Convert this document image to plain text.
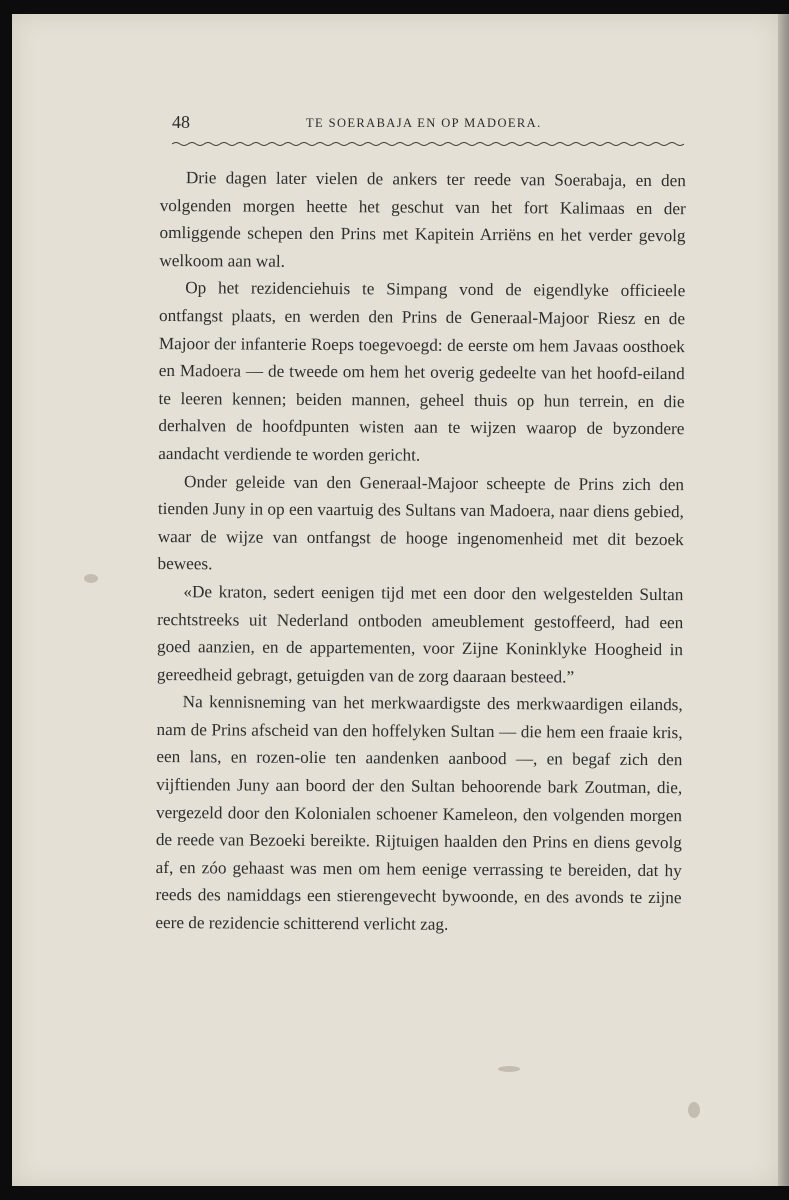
48	TE SOERABAJA EN OP MADOERA.

Drie dagen later vielen de ankers ter reede van Soerabaja, en den volgenden morgen heette het geschut van het fort Kalimaas en der omliggende schepen den Prins met Kapitein Arriëns en het verder gevolg welkoom aan wal.

Op het rezidenciehuis te Simpang vond de eigendlyke officieele ontfangst plaats, en werden den Prins de Generaal-Majoor Riesz en de Majoor der infanterie Roeps toegevoegd: de eerste om hem Javaas oosthoek en Madoera — de tweede om hem het overig gedeelte van het hoofd-eiland te leeren kennen; beiden mannen, geheel thuis op hun terrein, en die derhalven de hoofdpunten wisten aan te wijzen waarop de byzondere aandacht verdiende te worden gericht.

Onder geleide van den Generaal-Majoor scheepte de Prins zich den tienden Juny in op een vaartuig des Sultans van Madoera, naar diens gebied, waar de wijze van ontfangst de hooge ingenomenheid met dit bezoek bewees.

«De kraton, sedert eenigen tijd met een door den welgestelden Sultan rechtstreeks uit Nederland ontboden ameublement gestoffeerd, had een goed aanzien, en de appartementen, voor Zijne Koninklyke Hoogheid in gereedheid gebragt, getuigden van de zorg daaraan besteed.”

Na kennisneming van het merkwaardigste des merkwaardigen eilands, nam de Prins afscheid van den hoffelyken Sultan — die hem een fraaie kris, een lans, en rozen-olie ten aandenken aanbood —, en begaf zich den vijftienden Juny aan boord der den Sultan behoorende bark Zoutman, die, vergezeld door den Kolonialen schoener Kameleon, den volgenden morgen de reede van Bezoeki bereikte. Rijtuigen haalden den Prins en diens gevolg af, en zóo gehaast was men om hem eenige verrassing te bereiden, dat hy reeds des namiddags een stierengevecht bywoonde, en des avonds te zijne eere de rezidencie schitterend verlicht zag.
